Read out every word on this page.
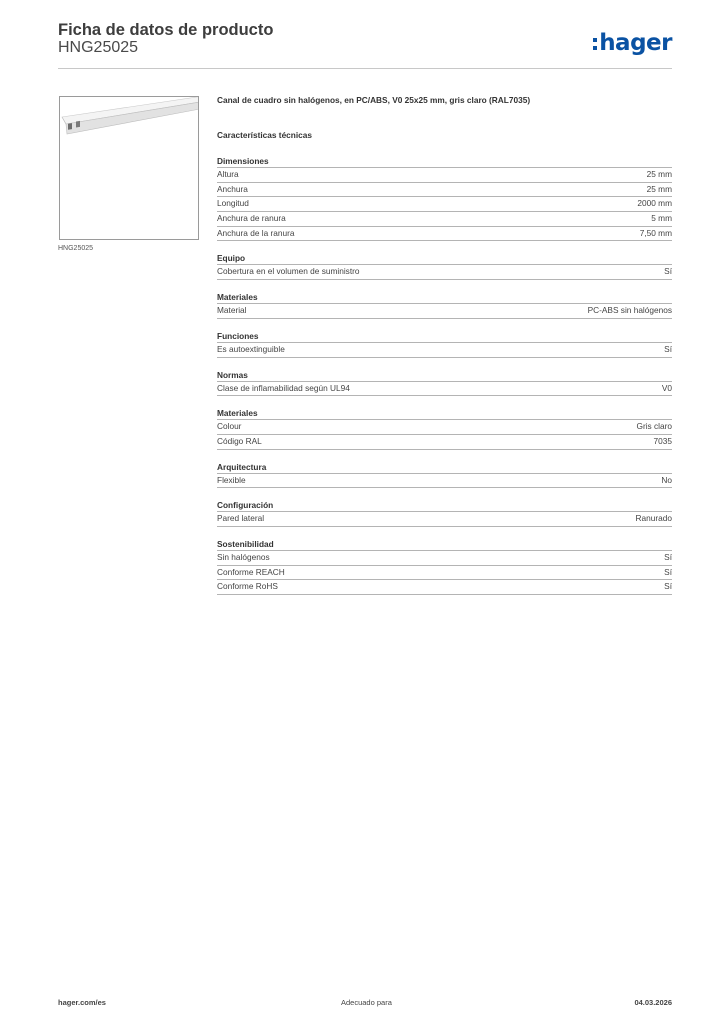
Ficha de datos de producto
HNG25025	hager
HNG25025
Canal de cuadro sin halógenos, en PC/ABS, V0 25x25 mm, gris claro (RAL7035)
Características técnicas
Dimensiones
Altura	25 mm
Anchura	25 mm
Longitud	2000 mm
Anchura de ranura	5 mm
Anchura de la ranura	7,50 mm
Equipo
Cobertura en el volumen de suministro	Sí
Materiales
Material	PC-ABS sin halógenos
Funciones
Es autoextinguible	Sí
Normas
Clase de inflamabilidad según UL94	V0
Materiales
Colour	Gris claro
Código RAL	7035
Arquitectura
Flexible	No
Configuración
Pared lateral	Ranurado
Sostenibilidad
Sin halógenos	Sí
Conforme REACH	Sí
Conforme RoHS	Sí
hager.com/es	Adecuado para	04.03.2026
